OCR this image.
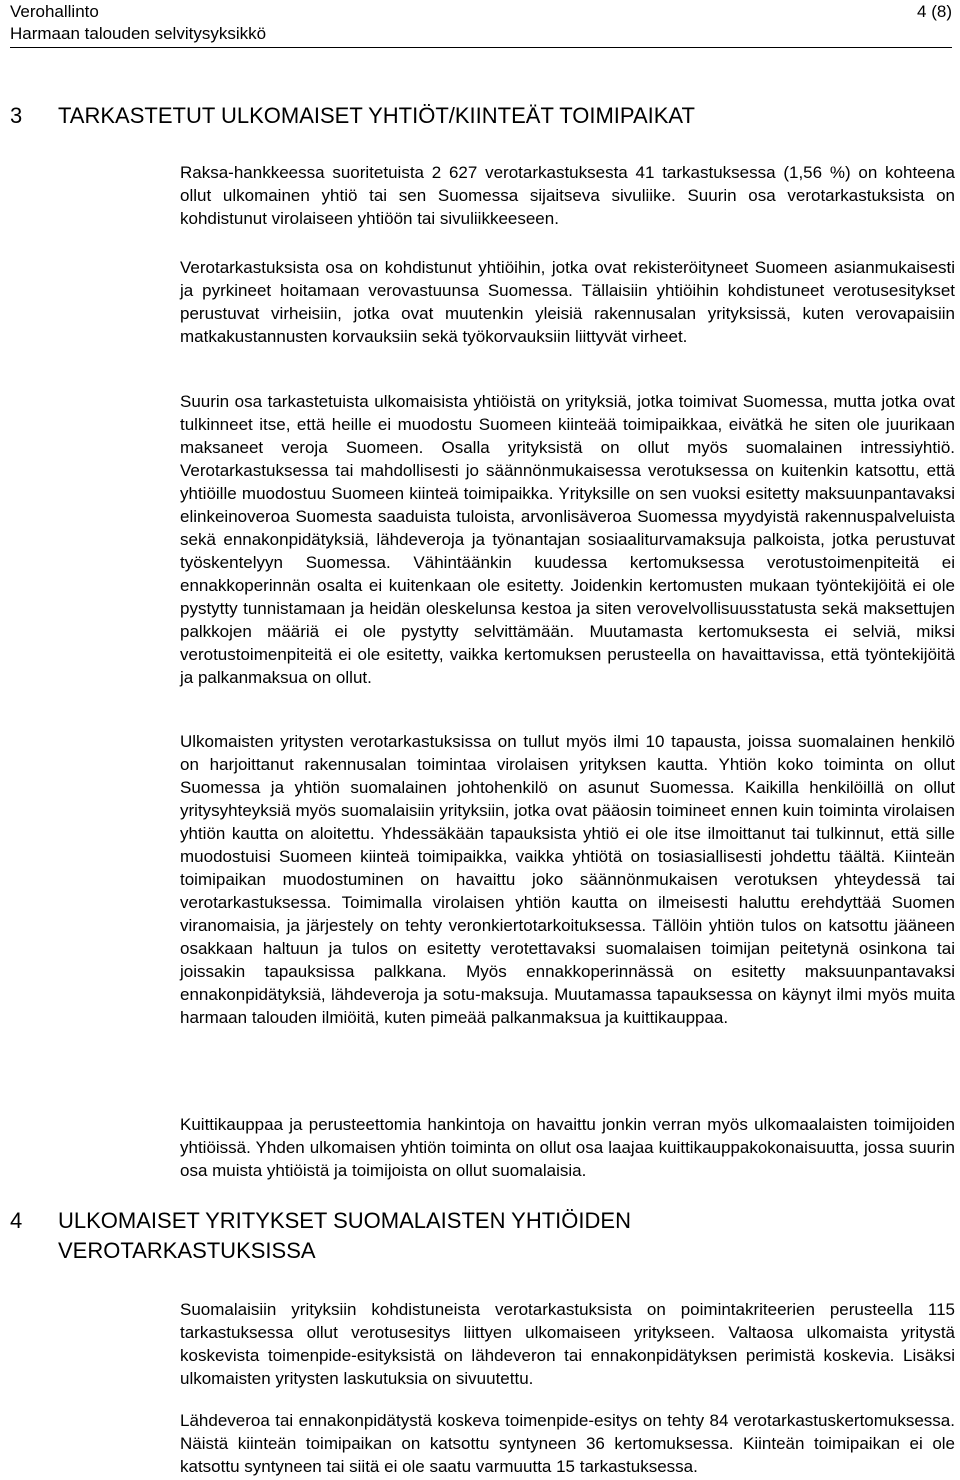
Verohallinto
Harmaan talouden selvitysyksikkö
4 (8)
3 TARKASTETUT ULKOMAISET YHTIÖT/KIINTEÄT TOIMIPAIKAT

Raksa-hankkeessa suoritetuista 2 627 verotarkastuksesta 41 tarkastuksessa (1,56 %) on kohteena ollut ulkomainen yhtiö tai sen Suomessa sijaitseva sivuliike. Suurin osa verotarkastuksista on kohdistunut virolaiseen yhtiöön tai sivuliikkeeseen.

Verotarkastuksista osa on kohdistunut yhtiöihin, jotka ovat rekisteröityneet Suomeen asianmukaisesti ja pyrkineet hoitamaan verovastuunsa Suomessa. Tällaisiin yhtiöihin kohdistuneet verotusesitykset perustuvat virheisiin, jotka ovat muutenkin yleisiä rakennusalan yrityksissä, kuten verovapaisiin matkakustannusten korvauksiin sekä työkorvauksiin liittyvät virheet.

Suurin osa tarkastetuista ulkomaisista yhtiöistä on yrityksiä, jotka toimivat Suomessa, mutta jotka ovat tulkinneet itse, että heille ei muodostu Suomeen kiinteää toimipaikkaa, eivätkä he siten ole juurikaan maksaneet veroja Suomeen. Osalla yrityksistä on ollut myös suomalainen intressiyhtiö. Verotarkastuksessa tai mahdollisesti jo säännönmukaisessa verotuksessa on kuitenkin katsottu, että yhtiöille muodostuu Suomeen kiinteä toimipaikka. Yrityksille on sen vuoksi esitetty maksuunpantavaksi elinkeinoveroa Suomesta saaduista tuloista, arvonlisäveroa Suomessa myydyistä rakennuspalveluista sekä ennakonpidätyksiä, lähdeveroja ja työnantajan sosiaaliturvamaksuja palkoista, jotka perustuvat työskentelyyn Suomessa. Vähintäänkin kuudessa kertomuksessa verotustoimenpiteitä ei ennakkoperinnän osalta ei kuitenkaan ole esitetty. Joidenkin kertomusten mukaan työntekijöitä ei ole pystytty tunnistamaan ja heidän oleskelunsa kestoa ja siten verovelvollisuusstatusta sekä maksettujen palkkojen määriä ei ole pystytty selvittämään. Muutamasta kertomuksesta ei selviä, miksi verotustoimenpiteitä ei ole esitetty, vaikka kertomuksen perusteella on havaittavissa, että työntekijöitä ja palkanmaksua on ollut.

Ulkomaisten yritysten verotarkastuksissa on tullut myös ilmi 10 tapausta, joissa suomalainen henkilö on harjoittanut rakennusalan toimintaa virolaisen yrityksen kautta. Yhtiön koko toiminta on ollut Suomessa ja yhtiön suomalainen johtohenkilö on asunut Suomessa. Kaikilla henkilöillä on ollut yritysyhteyksiä myös suomalaisiin yrityksiin, jotka ovat pääosin toimineet ennen kuin toiminta virolaisen yhtiön kautta on aloitettu. Yhdessäkään tapauksista yhtiö ei ole itse ilmoittanut tai tulkinnut, että sille muodostuisi Suomeen kiinteä toimipaikka, vaikka yhtiötä on tosiasiallisesti johdettu täältä. Kiinteän toimipaikan muodostuminen on havaittu joko säännönmukaisen verotuksen yhteydessä tai verotarkastuksessa. Toimimalla virolaisen yhtiön kautta on ilmeisesti haluttu erehdyttää Suomen viranomaisia, ja järjestely on tehty veronkiertotarkoituksessa. Tällöin yhtiön tulos on katsottu jääneen osakkaan haltuun ja tulos on esitetty verotettavaksi suomalaisen toimijan peitetynä osinkona tai joissakin tapauksissa palkkana. Myös ennakkoperinnässä on esitetty maksuunpantavaksi ennakonpidätyksiä, lähdeveroja ja sotu-maksuja. Muutamassa tapauksessa on käynyt ilmi myös muita harmaan talouden ilmiöitä, kuten pimeää palkanmaksua ja kuittikauppaa.

Kuittikauppaa ja perusteettomia hankintoja on havaittu jonkin verran myös ulkomaalaisten toimijoiden yhtiöissä. Yhden ulkomaisen yhtiön toiminta on ollut osa laajaa kuittikauppakokonaisuutta, jossa suurin osa muista yhtiöistä ja toimijoista on ollut suomalaisia.

4 ULKOMAISET YRITYKSET SUOMALAISTEN YHTIÖIDEN VEROTARKASTUKSISSA

Suomalaisiin yrityksiin kohdistuneista verotarkastuksista on poimintakriteerien perusteella 115 tarkastuksessa ollut verotusesitys liittyen ulkomaiseen yritykseen. Valtaosa ulkomaista yritystä koskevista toimenpide-esityksistä on lähdeveron tai ennakonpidätyksen perimistä koskevia. Lisäksi ulkomaisten yritysten laskutuksia on sivuutettu.

Lähdeveroa tai ennakonpidätystä koskeva toimenpide-esitys on tehty 84 verotarkastuskertomuksessa. Näistä kiinteän toimipaikan on katsottu syntyneen 36 kertomuksessa. Kiinteän toimipaikan ei ole katsottu syntyneen tai siitä ei ole saatu varmuutta 15 tarkastuksessa.
